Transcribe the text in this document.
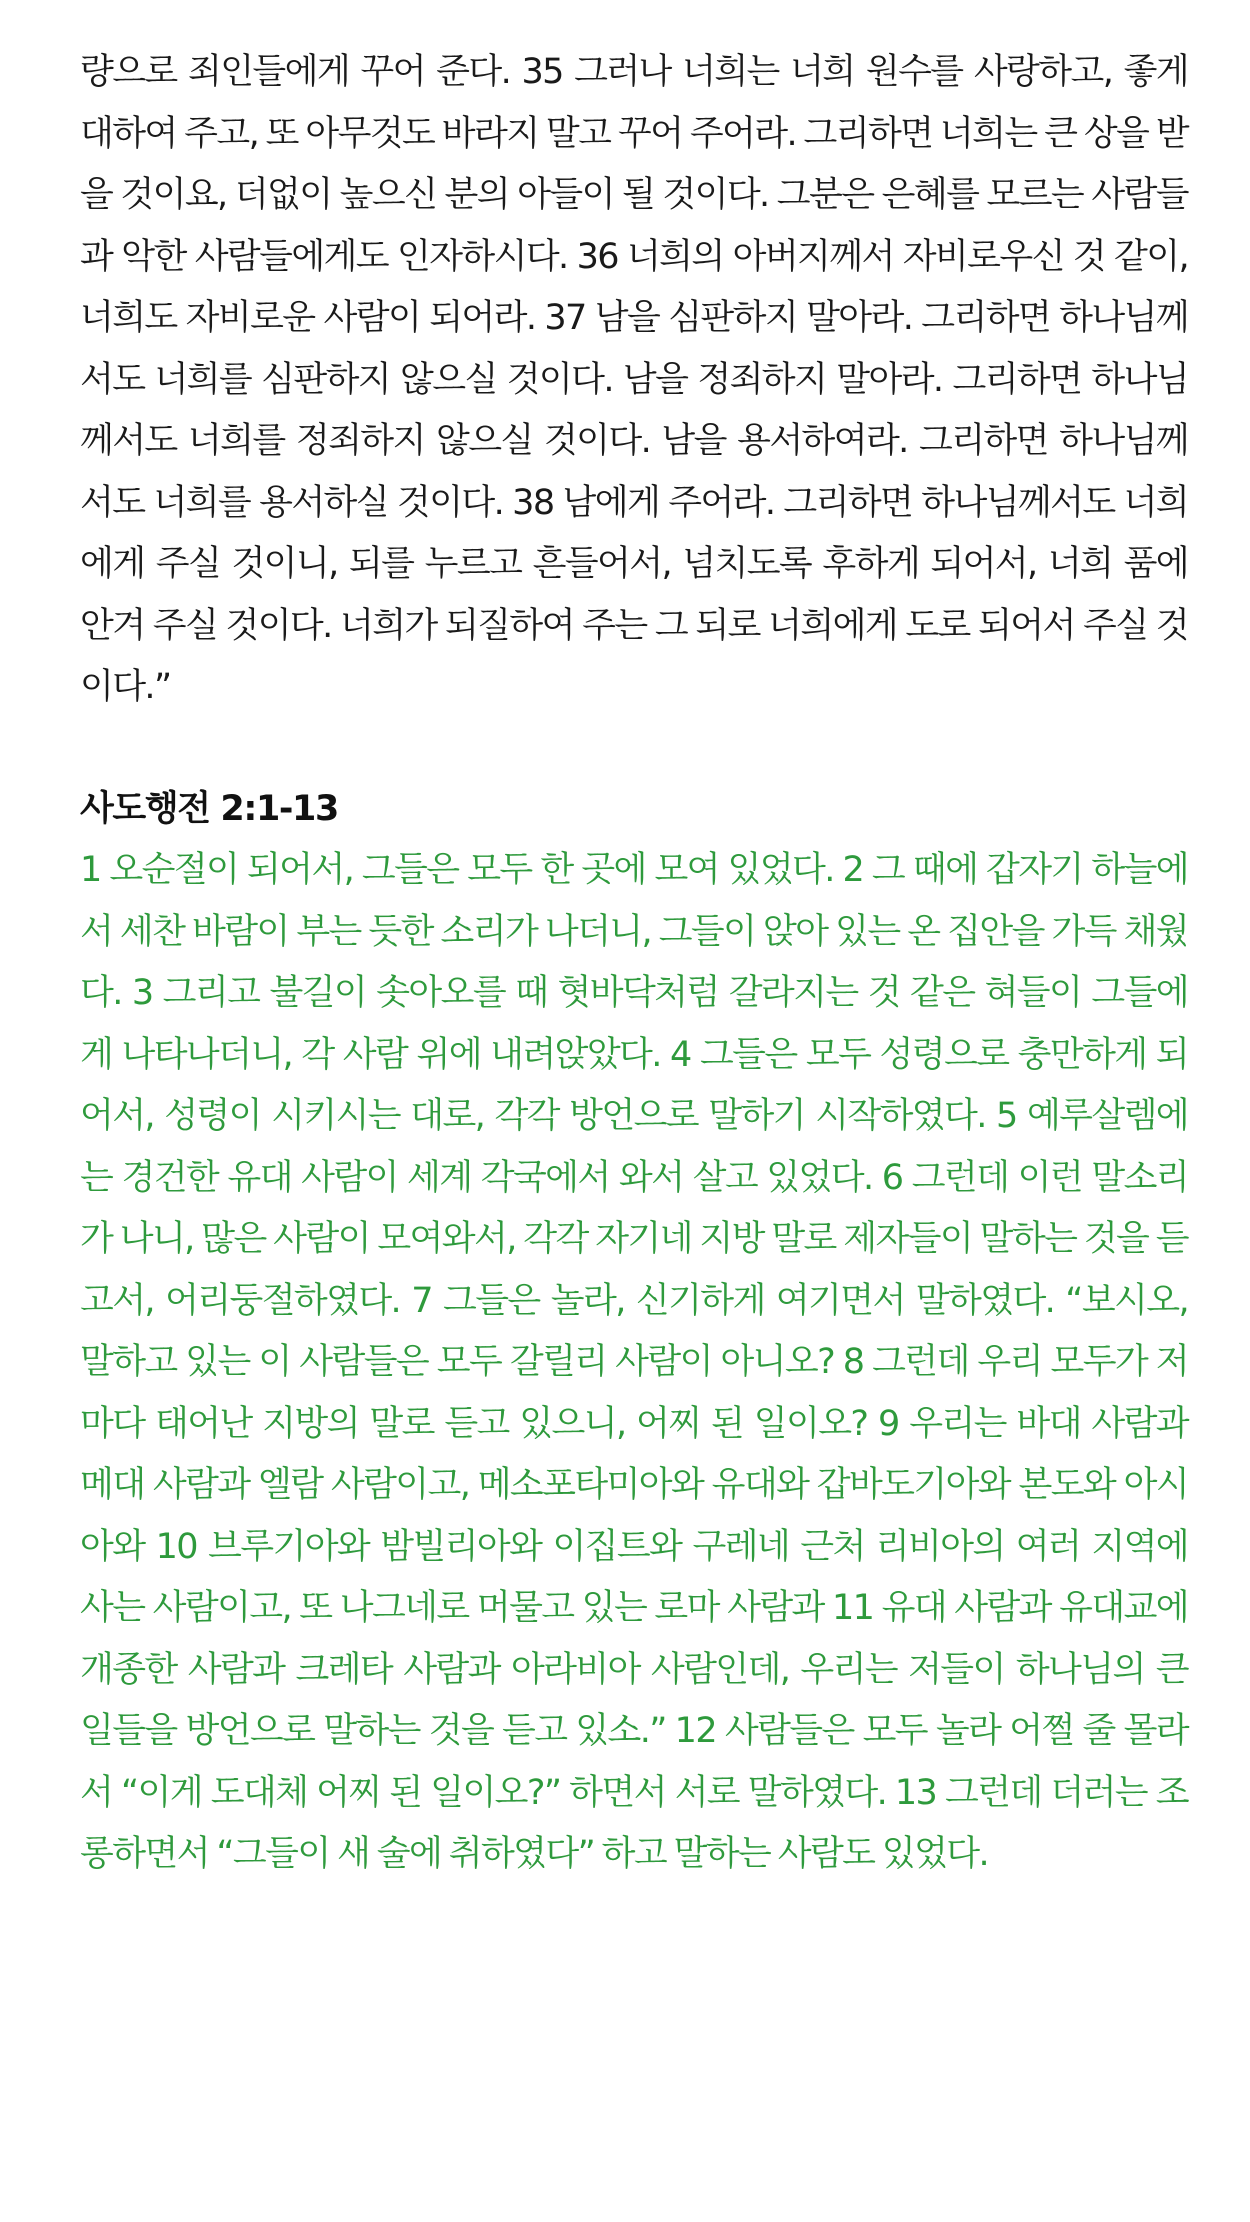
량으로 죄인들에게 꾸어 준다. 35 그러나 너희는 너희 원수를 사랑하고, 좋게 대하여 주고, 또 아무것도 바라지 말고 꾸어 주어라. 그리하면 너희는 큰 상을 받을 것이요, 더없이 높으신 분의 아들이 될 것이다. 그분은 은혜를 모르는 사람들과 악한 사람들에게도 인자하시다. 36 너희의 아버지께서 자비로우신 것 같이, 너희도 자비로운 사람이 되어라. 37 남을 심판하지 말아라. 그리하면 하나님께서도 너희를 심판하지 않으실 것이다. 남을 정죄하지 말아라. 그리하면 하나님께서도 너희를 정죄하지 않으실 것이다. 남을 용서하여라. 그리하면 하나님께서도 너희를 용서하실 것이다. 38 남에게 주어라. 그리하면 하나님께서도 너희에게 주실 것이니, 되를 누르고 흔들어서, 넘치도록 후하게 되어서, 너희 품에 안겨 주실 것이다. 너희가 되질하여 주는 그 되로 너희에게 도로 되어서 주실 것이다.”

사도행전 2:1-13

1 오순절이 되어서, 그들은 모두 한 곳에 모여 있었다. 2 그 때에 갑자기 하늘에서 세찬 바람이 부는 듯한 소리가 나더니, 그들이 앉아 있는 온 집안을 가득 채웠다. 3 그리고 불길이 솟아오를 때 혓바닥처럼 갈라지는 것 같은 혀들이 그들에게 나타나더니, 각 사람 위에 내려앉았다. 4 그들은 모두 성령으로 충만하게 되어서, 성령이 시키시는 대로, 각각 방언으로 말하기 시작하였다. 5 예루살렘에는 경건한 유대 사람이 세계 각국에서 와서 살고 있었다. 6 그런데 이런 말소리가 나니, 많은 사람이 모여와서, 각각 자기네 지방 말로 제자들이 말하는 것을 듣고서, 어리둥절하였다. 7 그들은 놀라, 신기하게 여기면서 말하였다. “보시오, 말하고 있는 이 사람들은 모두 갈릴리 사람이 아니오? 8 그런데 우리 모두가 저마다 태어난 지방의 말로 듣고 있으니, 어찌 된 일이오? 9 우리는 바대 사람과 메대 사람과 엘람 사람이고, 메소포타미아와 유대와 갑바도기아와 본도와 아시아와 10 브루기아와 밤빌리아와 이집트와 구레네 근처 리비아의 여러 지역에 사는 사람이고, 또 나그네로 머물고 있는 로마 사람과 11 유대 사람과 유대교에 개종한 사람과 크레타 사람과 아라비아 사람인데, 우리는 저들이 하나님의 큰 일들을 방언으로 말하는 것을 듣고 있소.” 12 사람들은 모두 놀라 어쩔 줄 몰라서 “이게 도대체 어찌 된 일이오?” 하면서 서로 말하였다. 13 그런데 더러는 조롱하면서 “그들이 새 술에 취하였다” 하고 말하는 사람도 있었다.
